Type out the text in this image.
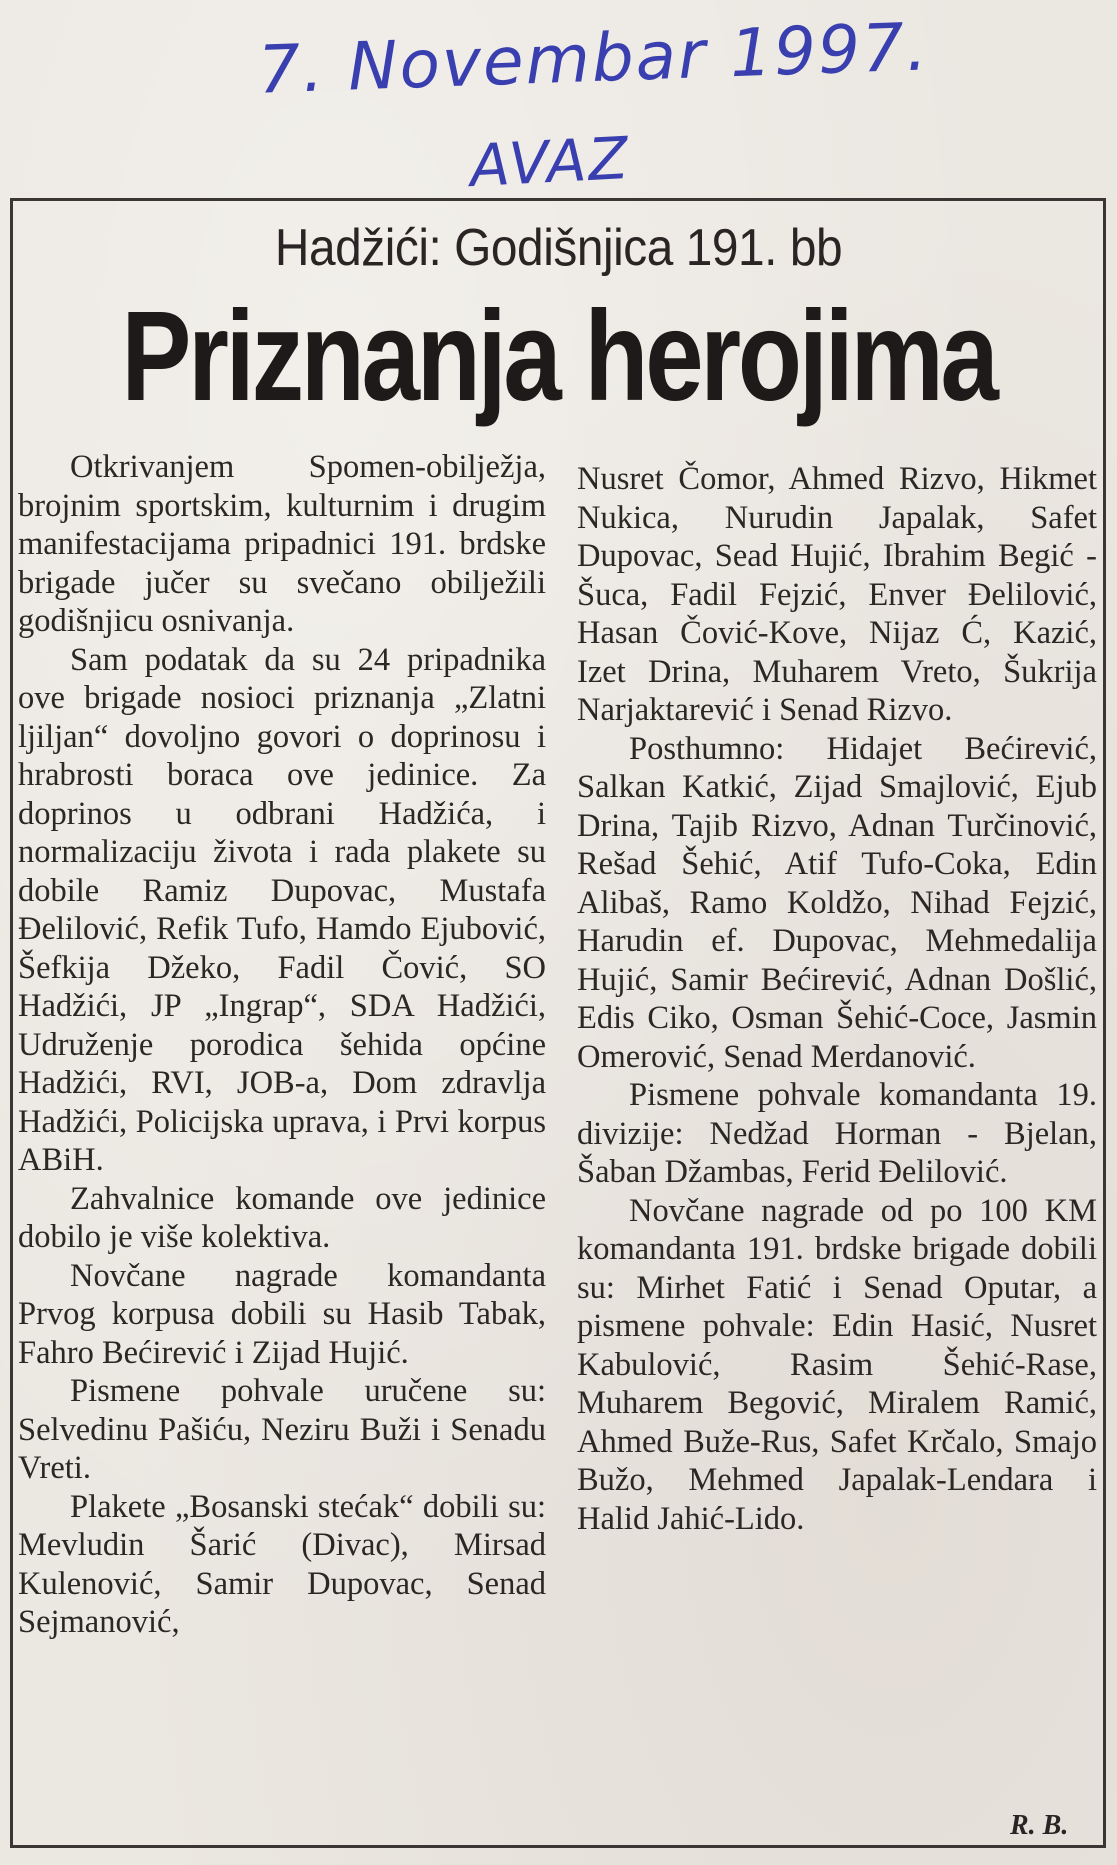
7. Novembar 1997.
AVAZ
Hadžići: Godišnjica 191. bb
Priznanja herojima

Otkrivanjem Spomen-obilježja, brojnim sportskim, kulturnim i drugim manifestacijama pripadnici 191. brdske brigade jučer su svečano obilježili godišnjicu osnivanja.

Sam podatak da su 24 pripadnika ove brigade nosioci priznanja „Zlatni ljiljan“ dovoljno govori o doprinosu i hrabrosti boraca ove jedinice. Za doprinos u odbrani Hadžića, i normalizaciju života i rada plakete su dobile Ramiz Dupovac, Mustafa Đelilović, Refik Tufo, Hamdo Ejubović, Šefkija Džeko, Fadil Čović, SO Hadžići, JP „Ingrap“, SDA Hadžići, Udruženje porodica šehida općine Hadžići, RVI, JOB-a, Dom zdravlja Hadžići, Policijska uprava, i Prvi korpus ABiH.

Zahvalnice komande ove jedinice dobilo je više kolektiva.

Novčane nagrade komandanta Prvog korpusa dobili su Hasib Tabak, Fahro Bećirević i Zijad Hujić.

Pismene pohvale uručene su: Selvedinu Pašiću, Neziru Buži i Senadu Vreti.

Plakete „Bosanski stećak“ dobili su: Mevludin Šarić (Divac), Mirsad Kulenović, Samir Dupovac, Senad Sejmanović,

Nusret Čomor, Ahmed Rizvo, Hikmet Nukica, Nurudin Japalak, Safet Dupovac, Sead Hujić, Ibrahim Begić - Šuca, Fadil Fejzić, Enver Đelilović, Hasan Čović-Kove, Nijaz Ć, Kazić, Izet Drina, Muharem Vreto, Šukrija Narjaktarević i Senad Rizvo.

Posthumno: Hidajet Bećirević, Salkan Katkić, Zijad Smajlović, Ejub Drina, Tajib Rizvo, Adnan Turčinović, Rešad Šehić, Atif Tufo-Coka, Edin Alibaš, Ramo Koldžo, Nihad Fejzić, Harudin ef. Dupovac, Mehmedalija Hujić, Samir Bećirević, Adnan Došlić, Edis Ciko, Osman Šehić-Coce, Jasmin Omerović, Senad Merdanović.

Pismene pohvale komandanta 19. divizije: Nedžad Horman - Bjelan, Šaban Džambas, Ferid Đelilović.

Novčane nagrade od po 100 KM komandanta 191. brdske brigade dobili su: Mirhet Fatić i Senad Oputar, a pismene pohvale: Edin Hasić, Nusret Kabulović, Rasim Šehić-Rase, Muharem Begović, Miralem Ramić, Ahmed Buže-Rus, Safet Krčalo, Smajo Bužo, Mehmed Japalak-Lendara i Halid Jahić-Lido.

R. B.
